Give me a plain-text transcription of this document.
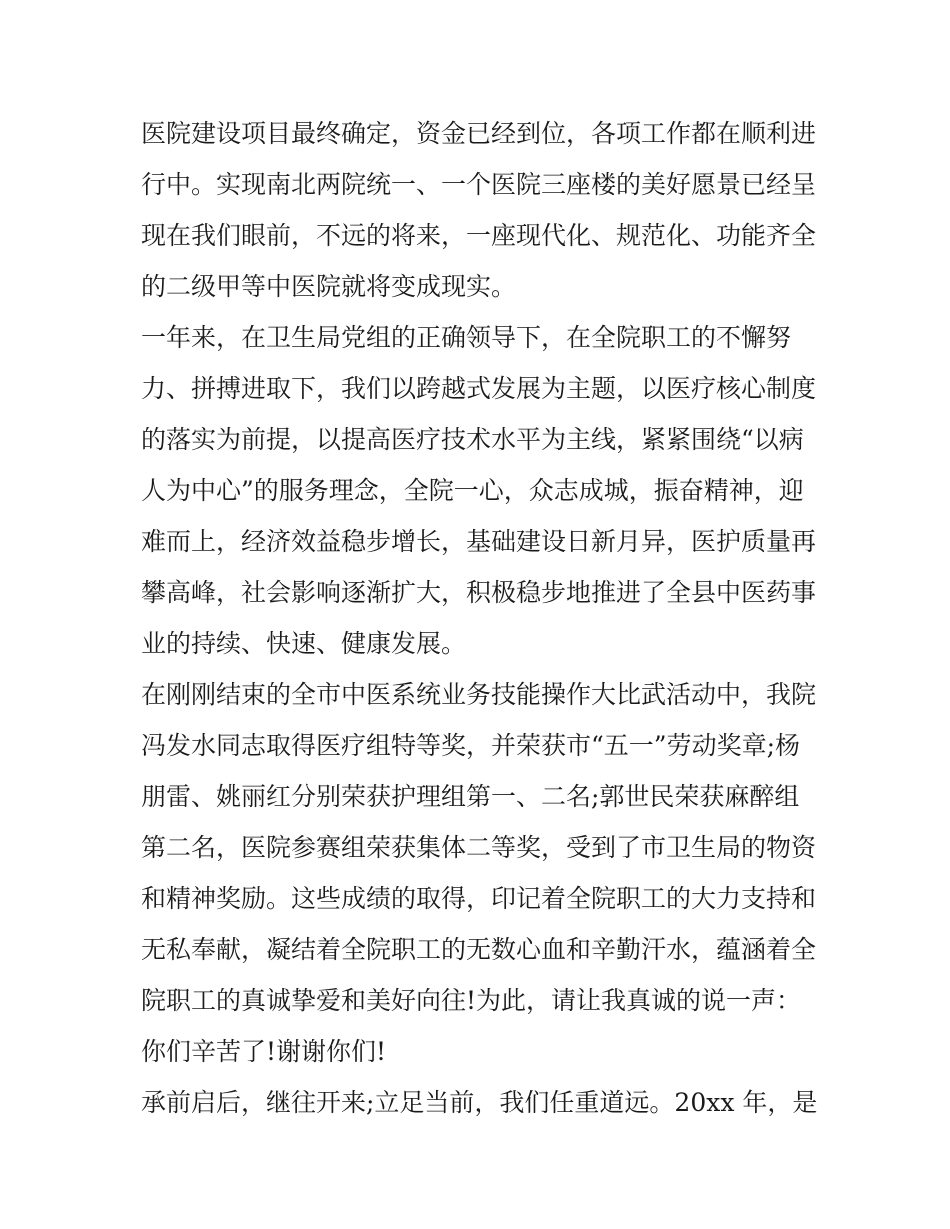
医院建设项目最终确定，资金已经到位，各项工作都在顺利进
行中。实现南北两院统一、一个医院三座楼的美好愿景已经呈
现在我们眼前，不远的将来，一座现代化、规范化、功能齐全
的二级甲等中医院就将变成现实。
一年来，在卫生局党组的正确领导下，在全院职工的不懈努
力、拼搏进取下，我们以跨越式发展为主题，以医疗核心制度
的落实为前提，以提高医疗技术水平为主线，紧紧围绕“以病
人为中心”的服务理念，全院一心，众志成城，振奋精神，迎
难而上，经济效益稳步增长，基础建设日新月异，医护质量再
攀高峰，社会影响逐渐扩大，积极稳步地推进了全县中医药事
业的持续、快速、健康发展。
在刚刚结束的全市中医系统业务技能操作大比武活动中，我院
冯发水同志取得医疗组特等奖，并荣获市“五一”劳动奖章;杨
朋雷、姚丽红分别荣获护理组第一、二名;郭世民荣获麻醉组
第二名，医院参赛组荣获集体二等奖，受到了市卫生局的物资
和精神奖励。这些成绩的取得，印记着全院职工的大力支持和
无私奉献，凝结着全院职工的无数心血和辛勤汗水，蕴涵着全
院职工的真诚挚爱和美好向往!为此，请让我真诚的说一声：
你们辛苦了!谢谢你们!
承前启后，继往开来;立足当前，我们任重道远。20xx 年，是
